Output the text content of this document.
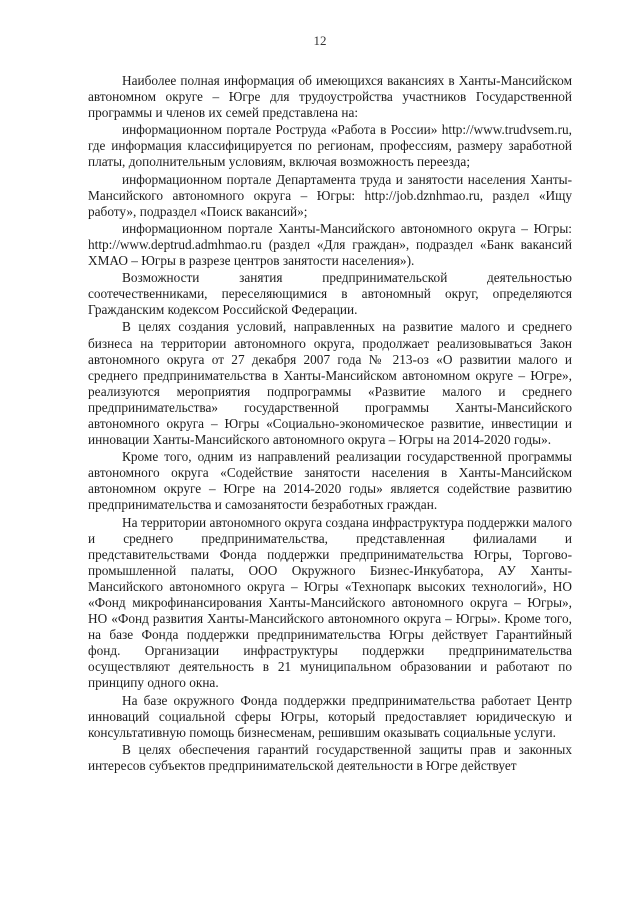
12

Наиболее полная информация об имеющихся вакансиях в Ханты-Мансийском автономном округе – Югре для трудоустройства участников Государственной программы и членов их семей представлена на:

информационном портале Роструда «Работа в России» http://www.trudvsem.ru, где информация классифицируется по регионам, профессиям, размеру заработной платы, дополнительным условиям, включая возможность переезда;

информационном портале Департамента труда и занятости населения Ханты-Мансийского автономного округа – Югры: http://job.dznhmao.ru, раздел «Ищу работу», подраздел «Поиск вакансий»;

информационном портале Ханты-Мансийского автономного округа – Югры: http://www.deptrud.admhmao.ru (раздел «Для граждан», подраздел «Банк вакансий ХМАО – Югры в разрезе центров занятости населения»).

Возможности занятия предпринимательской деятельностью соотечественниками, переселяющимися в автономный округ, определяются Гражданским кодексом Российской Федерации.

В целях создания условий, направленных на развитие малого и среднего бизнеса на территории автономного округа, продолжает реализовываться Закон автономного округа от 27 декабря 2007 года № 213-оз «О развитии малого и среднего предпринимательства в Ханты-Мансийском автономном округе – Югре», реализуются мероприятия подпрограммы «Развитие малого и среднего предпринимательства» государственной программы Ханты-Мансийского автономного округа – Югры «Социально-экономическое развитие, инвестиции и инновации Ханты-Мансийского автономного округа – Югры на 2014-2020 годы».

Кроме того, одним из направлений реализации государственной программы автономного округа «Содействие занятости населения в Ханты-Мансийском автономном округе – Югре на 2014-2020 годы» является содействие развитию предпринимательства и самозанятости безработных граждан.

На территории автономного округа создана инфраструктура поддержки малого и среднего предпринимательства, представленная филиалами и представительствами Фонда поддержки предпринимательства Югры, Торгово-промышленной палаты, ООО Окружного Бизнес-Инкубатора, АУ Ханты-Мансийского автономного округа – Югры «Технопарк высоких технологий», НО «Фонд микрофинансирования Ханты-Мансийского автономного округа – Югры», НО «Фонд развития Ханты-Мансийского автономного округа – Югры». Кроме того, на базе Фонда поддержки предпринимательства Югры действует Гарантийный фонд. Организации инфраструктуры поддержки предпринимательства осуществляют деятельность в 21 муниципальном образовании и работают по принципу одного окна.

На базе окружного Фонда поддержки предпринимательства работает Центр инноваций социальной сферы Югры, который предоставляет юридическую и консультативную помощь бизнесменам, решившим оказывать социальные услуги.

В целях обеспечения гарантий государственной защиты прав и законных интересов субъектов предпринимательской деятельности в Югре действует
